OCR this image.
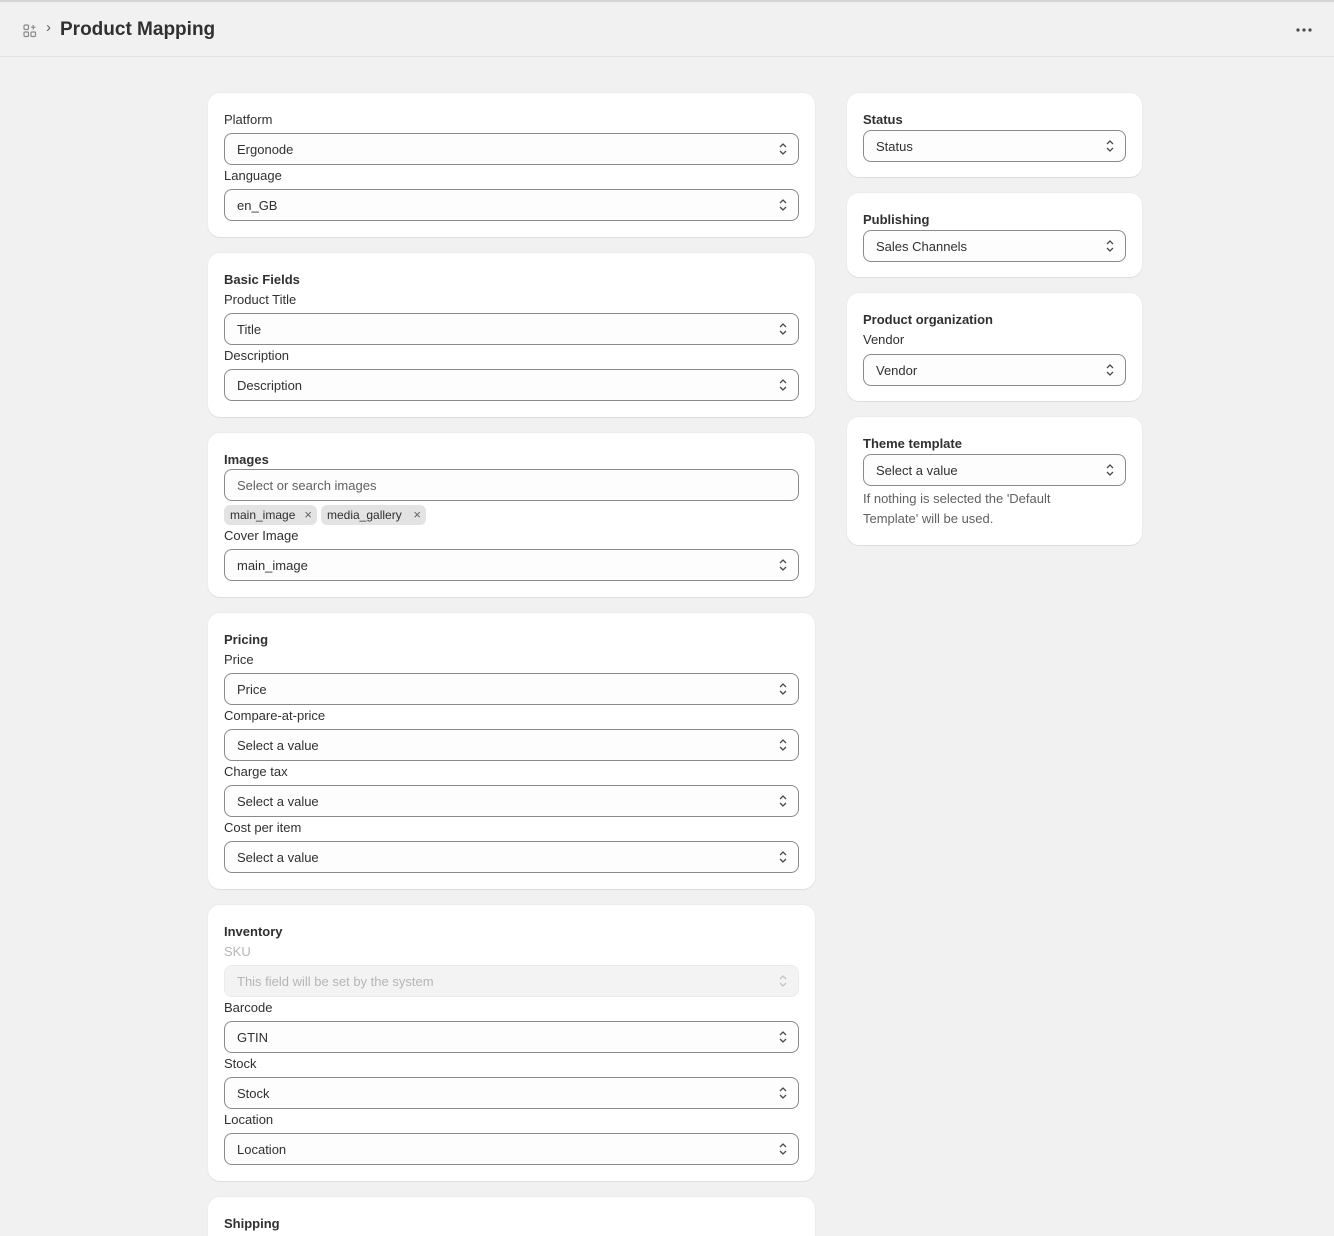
› Product Mapping
Platform
Ergonode
Language
en_GB
Basic Fields
Product Title
Title
Description
Description
Images
Select or search images
main_image ×	media_gallery ×
Cover Image
main_image
Pricing
Price
Price
Compare-at-price
Select a value
Charge tax
Select a value
Cost per item
Select a value
Inventory
SKU
This field will be set by the system
Barcode
GTIN
Stock
Stock
Location
Location
Shipping
Status
Status
Publishing
Sales Channels
Product organization
Vendor
Vendor
Theme template
Select a value
If nothing is selected the 'Default Template' will be used.
